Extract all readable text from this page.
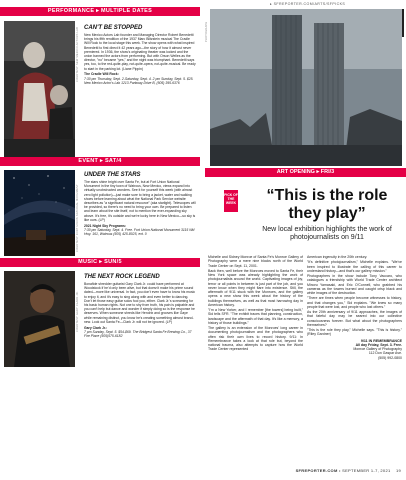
PERFORMANCE ▸ MULTIPLE DATES
COURTESY NEW MEXICO ACTORS LAB CAN'T BE STOPPED
New Mexico Actors Lab founder and Managing Director Robert Benedetti brings his fifth rendition of the 1937 Marc Blitzstein musical The Cradle Will Rock to the local stage this week. The show opens with what inspired Benedetti to first direct it 42 years ago—the story of how it almost never premiered. In 1936, the show's originating theater was locked and the union banned the actors from performing. But with Orson Welles as the director, "no" became "yes," and the night was triumphant. Benedetti says yes, too, to the red-quite-play, not-quite-opera, not-quite-musical. Be ready to start in the parking lot. (Liane Pippin)
The Cradle Will Rock:
7:30 pm Thursday, Sept. 2-Saturday, Sept. 4. 2 pm Sunday, Sept. 5. $25. New Mexico Actor's Lab 1213 Parkway Drive B, (505) 395-6376
EVENT ▸ SAT/4
COURTESY FORT UNION NATIONAL MONUMENT
UNDER THE STARS
The stars shine bright over Santa Fe, but at Fort Union National Monument in the tiny town of Watrous, New Mexico, views expand into virtually unobstructed wonders. See it for yourself this week (with almost zero light pollution)—just make sure to bring a jacket, water and walking shoes before learning about what the National Park Service website describes as "a significant natural resource" (aka starlight). Telescopes will be provided, so there's no need to bring your own. Be prepared to listen and learn about the site itself, not to mention the ever-expanding sky above. It's free, it's outside and we're lucky here in New Mexico—so sky is like ours. (LP)
2021 Night Sky Programs:
7:30 pm Saturday, Sept. 4. Free. Fort Union National Monument 3115 NM Hwy. 161, Watrous (505) 425-8025, ext. 0
MUSIC ▸ SUN/5
COURTESY GARY CLARK JR.
THE NEXT ROCK LEGEND
Bonafide shredder guitarist Gary Clark Jr. could have performed at Woodstock if he'd only been alive, but that doesn't make his prime sound dated—more like universal. In fact, you don't even have to know his music to enjoy it, and it's easy to sing along with and even better to dancing. Don't let those easy guitar solos fool you, either. Clark Jr.'s screaming for his basic human rights. Not one to shy from truth, his pain is palpable and you can't help but dance and wonder if simply doing so is the response he deserves. When someone shreds like Hendrix and grooves like Gaye while remaining distinct, you know he's creating something almost brand-new. Look out Santa Fe—Clark Jr. will not be ignored. (LP)
Gary Clark Jr.:
7 pm Sunday, Sept. 5. $54-$69. The Bridgest Santa Fe Brewing Co., 37 Fire Place (505)575-6182
▸ SFREPORTER.COM/ARTS/SFPICKS
PHOTOGRAPH
ART OPENING ▸ FRI/3
PICK OF THE WEEK	“This is the role they play”
New local exhibition highlights the work of photojournalists on 9/11

Michelle and Sidney Monroe of Santa Fe's Monroe Gallery of Photography were a mere nine blocks north of the World Trade Center on Sept. 11, 2001.

Back then, well before the Monroes moved to Santa Fe, their New York space was already highlighting the work of photojournalists around the world. Captivating images of joy, terror or all points in between is just part of the job, and you never know when they might flare into existence. Still, the aftermath of 9/11 stuck with the Monroes, and the gallery opens a new show this week about the history of the buildings themselves, as well as that most harrowing day in American history.

"I'm a New Yorker, and I remember [the towers] being built," Sid tells SFR. "The exhibit traces that planning, construction, landscape and the aftermath of that day. It's like a memory, a history of those buildings."

The gallery is an extension of the Monroes' long career in documenting photojournalism and the photographers who often risk their own lives to record history. 9/11: In Remembrance takes a look at that role but, beyond the national trauma, also attempts to capture how the World Trade Center represented

American ingenuity in the 20th century.

"It's definitive photojournalism," Michelle explains. "We've been inspired to illustrate the calling of this career to understand history—and that's our gallery mission."

Photographers in the show include Tony Vaccaro, who catalogues a friendship with World Trade Center architect Minoru Yamasaki, and Eric O'Connell, who grabbed his cameras as the towers burned and caught crisp black and white images of the destruction.

"There are times when people become witnesses to history, and that changes you," Sid explains. "We knew so many people that were lost, and people who lost others."

As the 20th anniversary of 9/11 approaches, the images of that fateful day may be seared into our collective consciousness forever. But what about the photographers themselves?

"This is the role they play," Michelle says. "This is history." (Riley Gardner)

9/11 IN REMEMBRANCE
All day Friday, Sept. 3. Free.
Monroe Gallery of Photography
112 Don Gaspar Ave.
(505) 992-0800
SFREPORTER.COM • SEPTEMBER 1-7, 2021 19
